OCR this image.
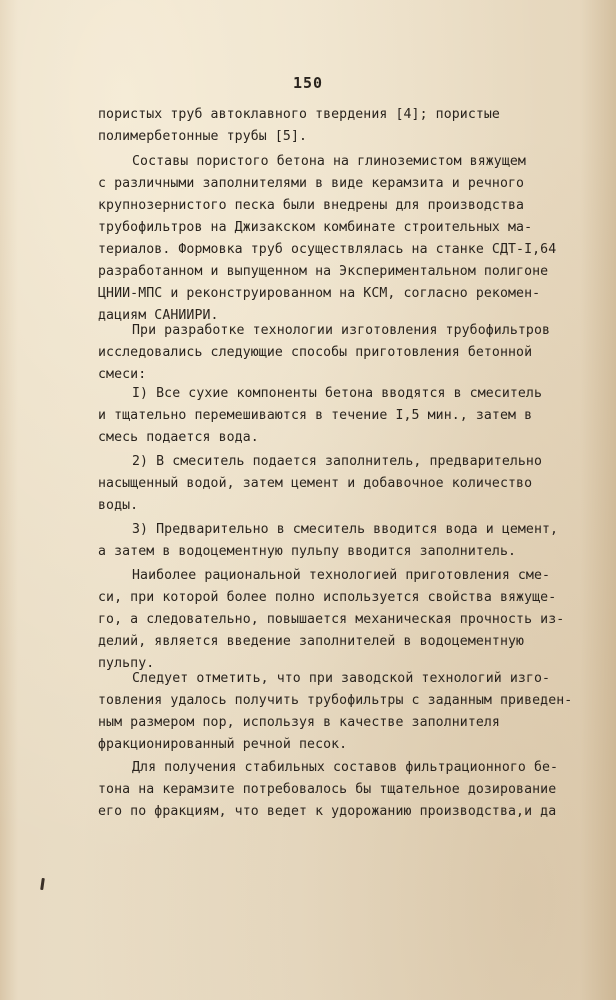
150
пористых труб автоклавного твердения [4]; пористые
полимербетонные трубы [5].
Составы пористого бетона на глиноземистом вяжущем
с различными заполнителями в виде керамзита и речного
крупнозернистого песка были внедрены для производства
трубофильтров на Джизакском комбинате строительных ма-
териалов. Формовка труб осуществлялась на станке СДТ-I,64
разработанном и выпущенном на Экспериментальном полигоне
ЦНИИ-МПС и реконструированном на КСМ, согласно рекомен-
дациям САНИИРИ.
При разработке технологии изготовления трубофильтров
исследовались следующие способы приготовления бетонной
смеси:
I) Все сухие компоненты бетона вводятся в смеситель
и тщательно перемешиваются в течение I,5 мин., затем в
смесь подается вода.
2) В смеситель подается заполнитель, предварительно
насыщенный водой, затем цемент и добавочное количество
воды.
3) Предварительно в смеситель вводится вода и цемент,
а затем в водоцементную пульпу вводится заполнитель.
Наиболее рациональной технологией приготовления сме-
си, при которой более полно используется свойства вяжуще-
го, а следовательно, повышается механическая прочность из-
делий, является введение заполнителей в водоцементную
пульпу.
Следует отметить, что при заводской технологий изго-
товления удалось получить трубофильтры с заданным приведен-
ным размером пор, используя в качестве заполнителя
фракционированный речной песок.
Для получения стабильных составов фильтрационного бе-
тона на керамзите потребовалось бы тщательное дозирование
его по фракциям, что ведет к удорожанию производства,и да
